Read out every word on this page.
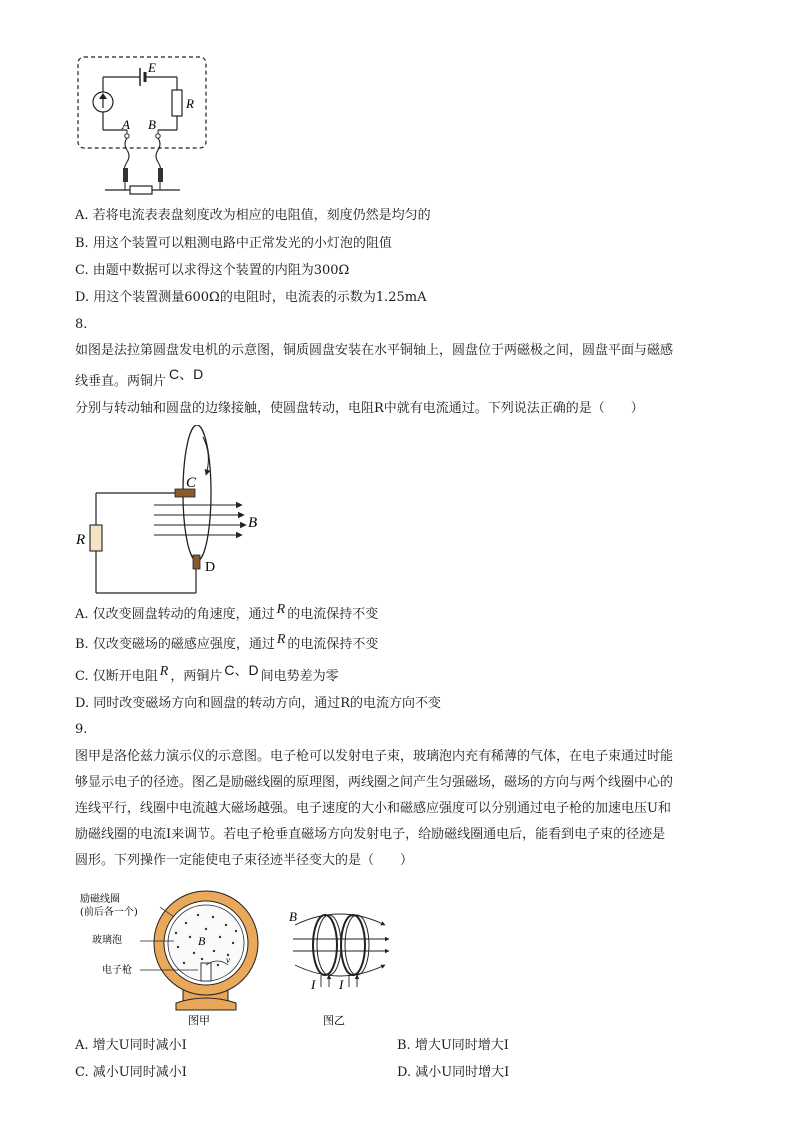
E
R
A B
A. 若将电流表表盘刻度改为相应的电阻值，刻度仍然是均匀的
B. 用这个装置可以粗测电路中正常发光的小灯泡的阻值
C. 由题中数据可以求得这个装置的内阻为300Ω
D. 用这个装置测量600Ω的电阻时，电流表的示数为1.25mA
8.
如图是法拉第圆盘发电机的示意图，铜质圆盘安装在水平铜轴上，圆盘位于两磁极之间，圆盘平面与磁感
线垂直。两铜片 C、D
分别与转动轴和圆盘的边缘接触，使圆盘转动，电阻R中就有电流通过。下列说法正确的是（　　）
C
B
R
D
A. 仅改变圆盘转动的角速度，通过 R 的电流保持不变
B. 仅改变磁场的磁感应强度，通过 R 的电流保持不变
C. 仅断开电阻 R ，两铜片 C、D 间电势差为零
D. 同时改变磁场方向和圆盘的转动方向，通过R的电流方向不变
9.
图甲是洛伦兹力演示仪的示意图。电子枪可以发射电子束，玻璃泡内充有稀薄的气体，在电子束通过时能
够显示电子的径迹。图乙是励磁线圈的原理图，两线圈之间产生匀强磁场，磁场的方向与两个线圈中心的
连线平行，线圈中电流越大磁场越强。电子速度的大小和磁感应强度可以分别通过电子枪的加速电压U和
励磁线圈的电流I来调节。若电子枪垂直磁场方向发射电子，给励磁线圈通电后，能看到电子束的径迹是
圆形。下列操作一定能使电子束径迹半径变大的是（　　）
励磁线圈
(前后各一个)
玻璃泡
电子枪
B
v
图甲
B
I I
图乙
A. 增大U同时减小I	B. 增大U同时增大I
C. 减小U同时减小I	D. 减小U同时增大I
